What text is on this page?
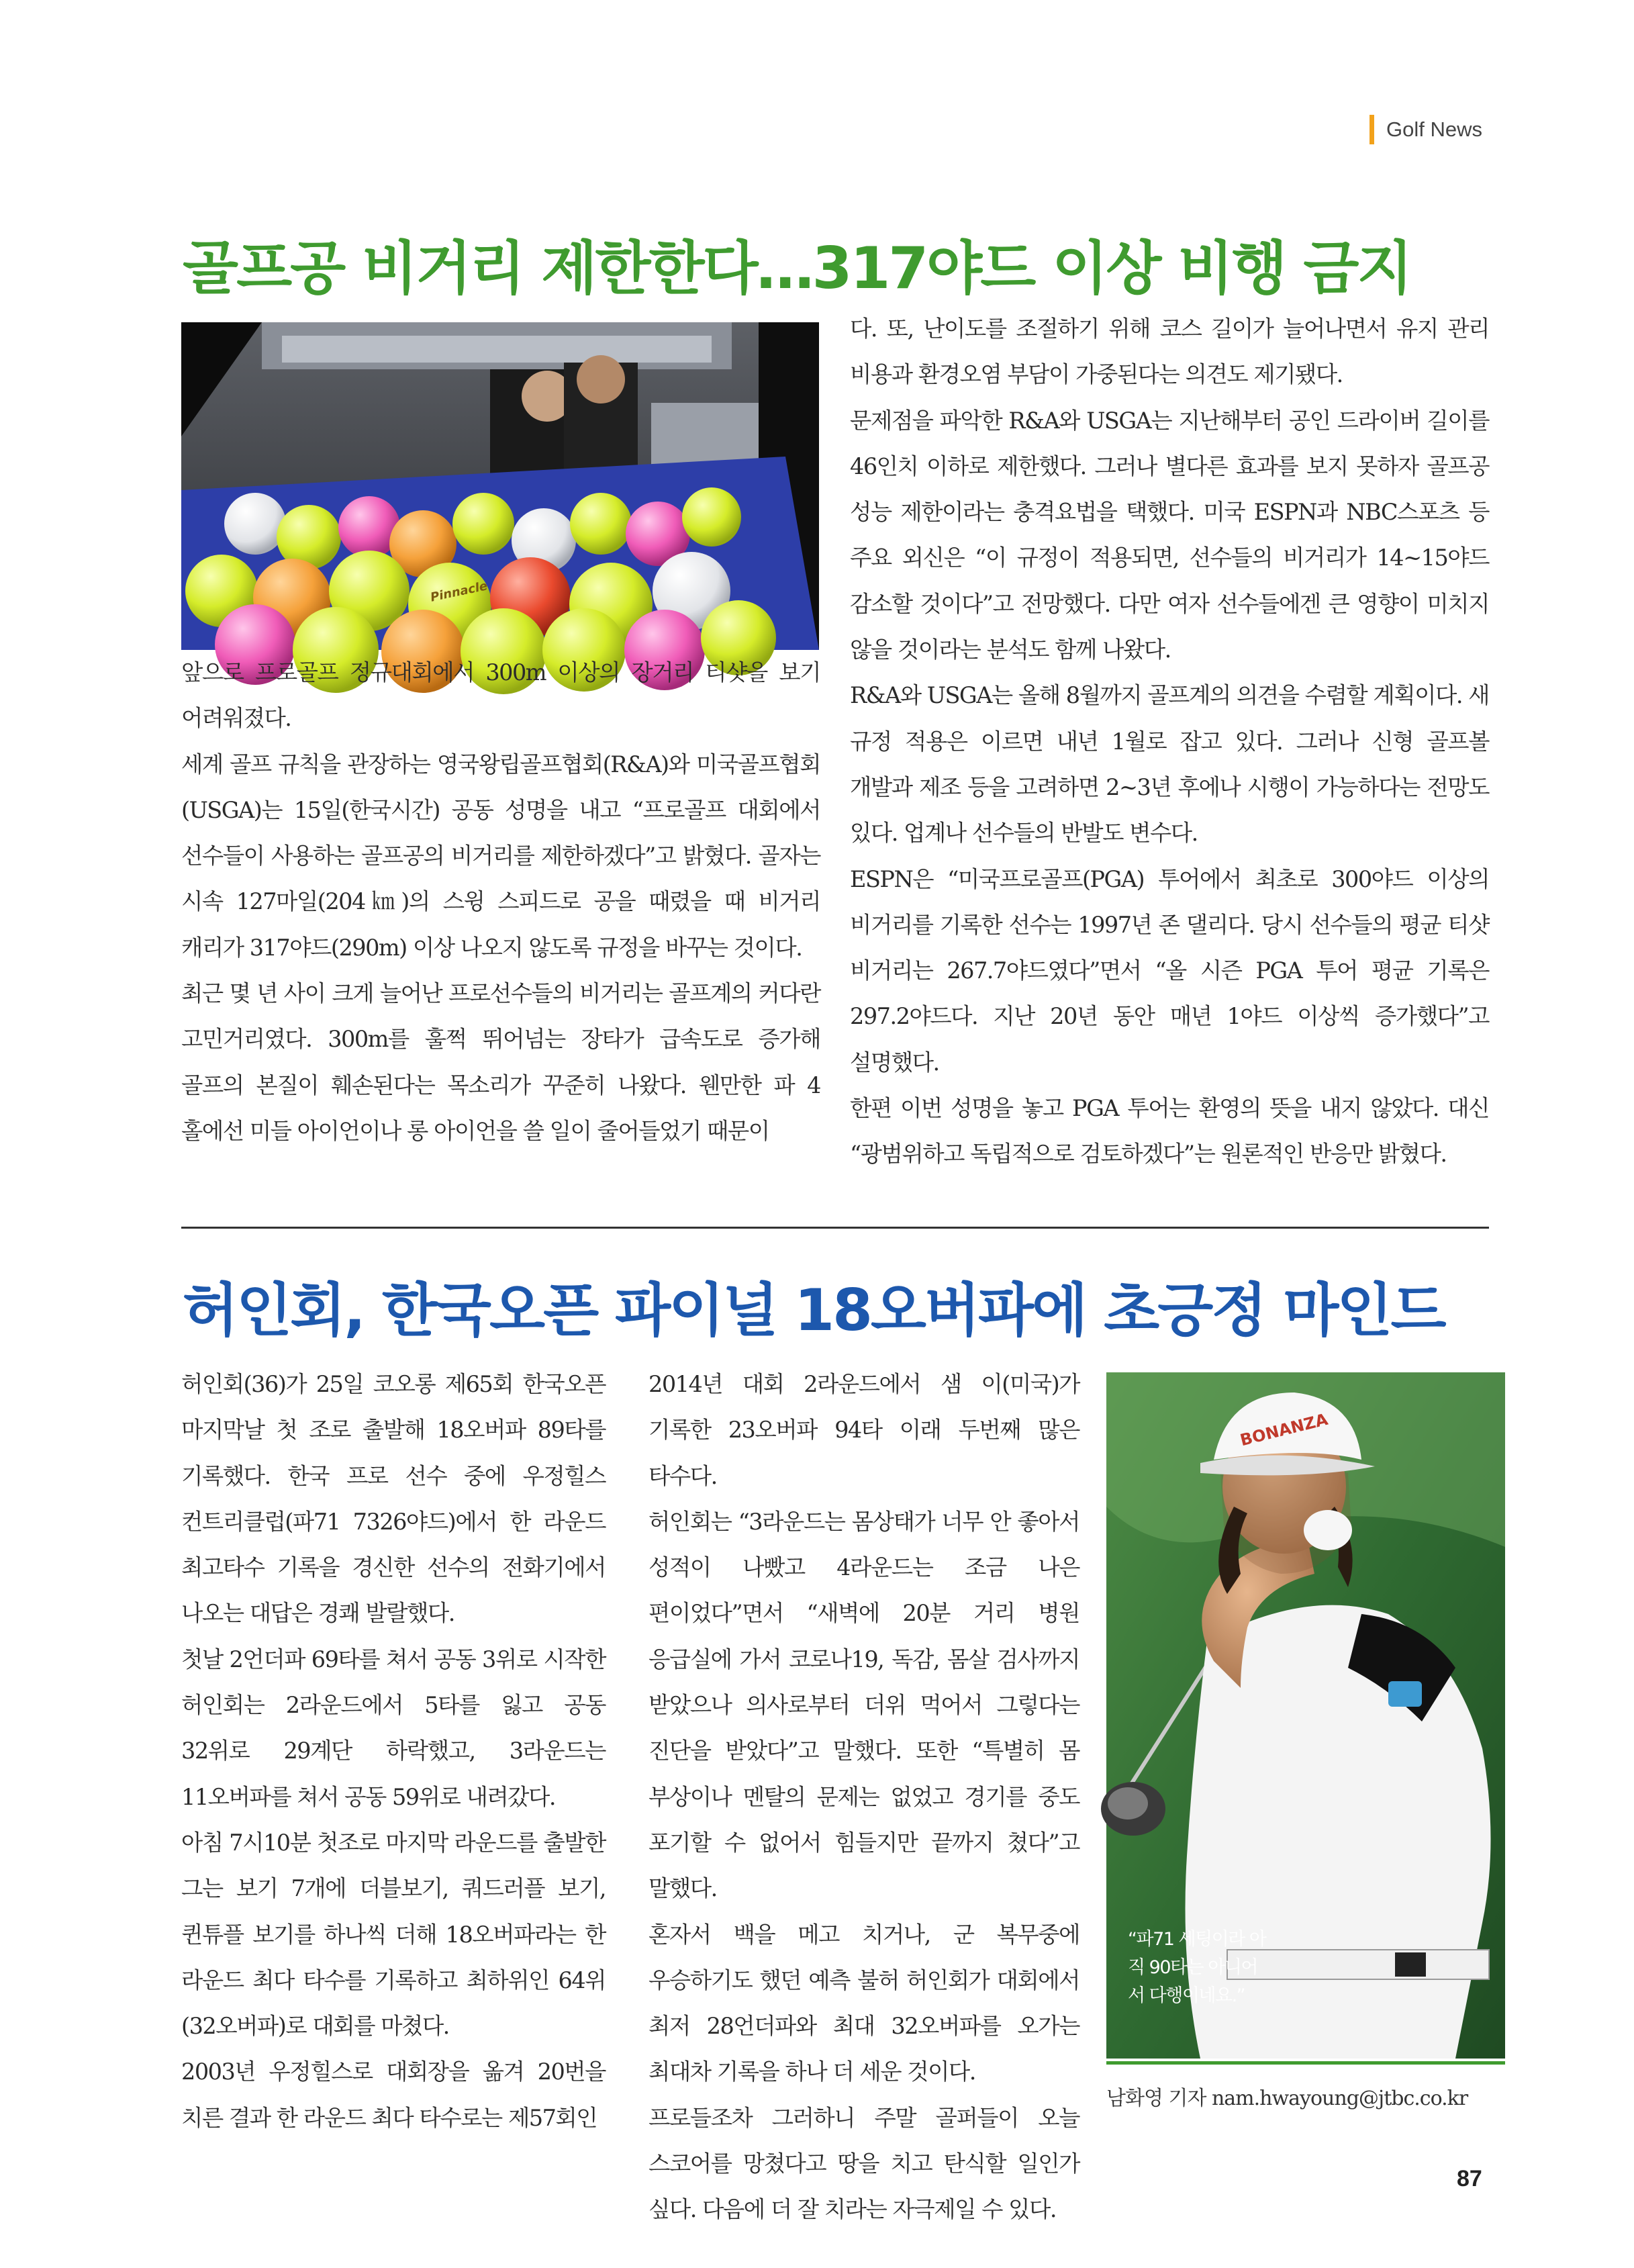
Golf News
골프공 비거리 제한한다…317야드 이상 비행 금지
Pinnacle

앞으로 프로골프 정규대회에서 300m 이상의 장거리 티샷을 보기 어려워졌다.

세계 골프 규칙을 관장하는 영국왕립골프협회(R&A)와 미국골프협회(USGA)는 15일(한국시간) 공동 성명을 내고 “프로골프 대회에서 선수들이 사용하는 골프공의 비거리를 제한하겠다”고 밝혔다. 골자는 시속 127마일(204㎞)의 스윙 스피드로 공을 때렸을 때 비거리 캐리가 317야드(290m) 이상 나오지 않도록 규정을 바꾸는 것이다.

최근 몇 년 사이 크게 늘어난 프로선수들의 비거리는 골프계의 커다란 고민거리였다. 300m를 훌쩍 뛰어넘는 장타가 급속도로 증가해 골프의 본질이 훼손된다는 목소리가 꾸준히 나왔다. 웬만한 파 4 홀에선 미들 아이언이나 롱 아이언을 쓸 일이 줄어들었기 때문이

다. 또, 난이도를 조절하기 위해 코스 길이가 늘어나면서 유지 관리 비용과 환경오염 부담이 가중된다는 의견도 제기됐다.

문제점을 파악한 R&A와 USGA는 지난해부터 공인 드라이버 길이를 46인치 이하로 제한했다. 그러나 별다른 효과를 보지 못하자 골프공 성능 제한이라는 충격요법을 택했다. 미국 ESPN과 NBC스포츠 등 주요 외신은 “이 규정이 적용되면, 선수들의 비거리가 14~15야드 감소할 것이다”고 전망했다. 다만 여자 선수들에겐 큰 영향이 미치지 않을 것이라는 분석도 함께 나왔다.

R&A와 USGA는 올해 8월까지 골프계의 의견을 수렴할 계획이다. 새 규정 적용은 이르면 내년 1월로 잡고 있다. 그러나 신형 골프볼 개발과 제조 등을 고려하면 2~3년 후에나 시행이 가능하다는 전망도 있다. 업계나 선수들의 반발도 변수다.

ESPN은 “미국프로골프(PGA) 투어에서 최초로 300야드 이상의 비거리를 기록한 선수는 1997년 존 댈리다. 당시 선수들의 평균 티샷 비거리는 267.7야드였다”면서 “올 시즌 PGA 투어 평균 기록은 297.2야드다. 지난 20년 동안 매년 1야드 이상씩 증가했다”고 설명했다.

한편 이번 성명을 놓고 PGA 투어는 환영의 뜻을 내지 않았다. 대신 “광범위하고 독립적으로 검토하겠다”는 원론적인 반응만 밝혔다.

허인회, 한국오픈 파이널 18오버파에 초긍정 마인드

허인회(36)가 25일 코오롱 제65회 한국오픈 마지막날 첫 조로 출발해 18오버파 89타를 기록했다. 한국 프로 선수 중에 우정힐스 컨트리클럽(파71 7326야드)에서 한 라운드 최고타수 기록을 경신한 선수의 전화기에서 나오는 대답은 경쾌 발랄했다.

첫날 2언더파 69타를 쳐서 공동 3위로 시작한 허인회는 2라운드에서 5타를 잃고 공동 32위로 29계단 하락했고, 3라운드는 11오버파를 쳐서 공동 59위로 내려갔다.

아침 7시10분 첫조로 마지막 라운드를 출발한 그는 보기 7개에 더블보기, 쿼드러플 보기, 퀸튜플 보기를 하나씩 더해 18오버파라는 한 라운드 최다 타수를 기록하고 최하위인 64위(32오버파)로 대회를 마쳤다.

2003년 우정힐스로 대회장을 옮겨 20번을 치른 결과 한 라운드 최다 타수로는 제57회인

2014년 대회 2라운드에서 샘 이(미국)가 기록한 23오버파 94타 이래 두번째 많은 타수다.

허인회는 “3라운드는 몸상태가 너무 안 좋아서 성적이 나빴고 4라운드는 조금 나은 편이었다”면서 “새벽에 20분 거리 병원 응급실에 가서 코로나19, 독감, 몸살 검사까지 받았으나 의사로부터 더위 먹어서 그렇다는 진단을 받았다”고 말했다. 또한 “특별히 몸 부상이나 멘탈의 문제는 없었고 경기를 중도 포기할 수 없어서 힘들지만 끝까지 쳤다”고 말했다.

혼자서 백을 메고 치거나, 군 복무중에 우승하기도 했던 예측 불허 허인회가 대회에서 최저 28언더파와 최대 32오버파를 오가는 최대차 기록을 하나 더 세운 것이다.

프로들조차 그러하니 주말 골퍼들이 오늘 스코어를 망쳤다고 땅을 치고 탄식할 일인가 싶다. 다음에 더 잘 치라는 자극제일 수 있다.

BONANZA
“파71 세팅이라 아
직 90타는 아니어
서 다행이네요.”
남화영 기자 nam.hwayoung@jtbc.co.kr
87
